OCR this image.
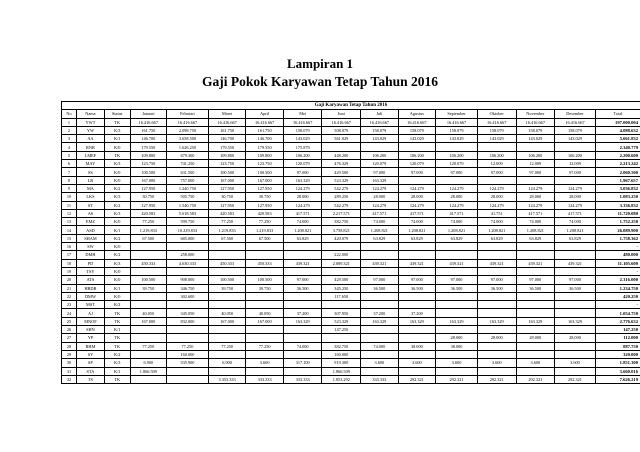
Lampiran 1
Gaji Pokok Karyawan Tetap Tahun 2016
Gaji Karyawan Tetap Tahun 2016															
No	Nama	Status	Januari	Februari	Maret	April	Mei	Juni	Juli	Agustus	September	Oktober	November	Desember	Total
1	YWT	TK	16.416.667	16.416.667	16.416.667	16.416.667	16.416.667	16.416.667	16.416.667	16.416.667	16.416.667	16.416.667	16.416.667	16.416.667	197.000.004
2	YW	K/3	161.750	2.098.750	161.750	161.750	158.079	508.079	158.079	158.079	158.079	158.079	158.079	158.079	4.088.632
3	AA	K/1	146.700	3.658.500	146.700	146.700	143.029	561.029	143.029	143.029	143.029	143.029	143.029	143.029	5.661.832
4	RNR	K/0	179.550	1.626.250	179.550	179.550	175.879								2.340.779
5	LMEF	TK	109.800	679.300	109.800	109.800	106.200	448.200	106.200	106.200	106.200	106.200	106.200	106.200	2.200.600
6	MAY	K/3	123.750	741.250	123.750	123.750	120.079	476.329	120.079	120.079	120.079	12.009	12.009	12.009	2.213.242
7	SS	K/0	100.500	631.500	100.500	100.500	97.000	429.500	97.000	97.000	97.000	97.000	97.000	97.000	2.060.500
8	LB	K/0	167.000	757.000	167.000	167.000	163.329	523.329	163.329						1.967.657
9	MA	K/2	127.950	1.240.750	127.950	127.950	124.279	542.279	124.279	124.279	124.279	124.279	124.279	124.279	3.036.832
10	LKS	K/3	30.750	505.750	30.750	30.750	28.000	289.250	28.000	28.000	28.000	28.000	28.000	28.000	1.083.250
11	ST	K/2	127.950	1.540.750	127.950	127.950	124.279	542.279	124.279	124.279	124.279	124.279	124.279	124.279	3.336.832
12	AS	K/3	420.583	5.618.583	420.583	420.583	417.571	2.217.571	417.571	417.571	417.571	41.751	417.571	417.571	11.720.080
13	EMZ	K/0	77.250	599.750	77.250	77.250	74.000	382.750	74.000	74.000	74.000	74.000	74.000	74.000	1.752.250
14	ASD	K/1	1.219.833	10.239.833	1.219.833	1.219.833	1.208.821	3.758.821	1.208.821	1.208.821	1.208.821	1.208.821	1.208.821	1.208.821	26.089.900
15	SHAM	K/2	67.500	685.000	67.500	67.500	63.829	420.079	63.829	63.829	63.829	63.829	63.829	63.829	1.758.362
16	SW	K/0													-
17	DMH	K/2		258.000				222.000							480.000
18	PD	K/3	450.333	4.630.333	450.333	450.333	439.321	2.089.321	439.321	439.321	439.321	439.321	439.321	439.321	11.105.600
19	TSY	K/0													-
20	ATS	K/0	100.500	908.000	100.500	100.500	97.000	429.500	97.000	97.000	97.000	97.000	97.000	97.000	2.316.000
21	HBDB	K/1	39.750	346.750	39.750	39.750	36.500	345.250	36.500	36.500	36.500	36.500	36.500	36.500	1.234.750
22	DMW	K/0		302.600				117.650							420.250
23	MST	K/2													-
24	AJ	TK	40.050	345.050	40.050	40.050	37.200	307.950	37.200	37.200					1.054.750
25	MNOF	TK	167.000	832.000	167.000	167.000	163.329	523.329	163.329	163.329	163.329	163.329	163.329	163.329	2.776.632
26	SHN	K/1						147.250							147.250
27	YP	TK									28.000	28.000	28.000	28.000	112.000
28	RHM	TK	77.250	77.250	77.250	77.250	74.000	382.750	74.000	38.000	38.000				887.750
29	SY	K/2		160.000				160.000							320.000
30	SP	K/3	6.900	535.900	6.900	3.600	317.100	919.300	3.600	3.600	3.600	3.600	3.600	3.600	1.851.300
31	STA	K/1	1.866.509					1.866.509							3.660.016
32	TS	TK			3.353.333	333.333	333.333	1.853.292	333.333	292.321	292.321	292.321	292.321	292.321	7.626.219
